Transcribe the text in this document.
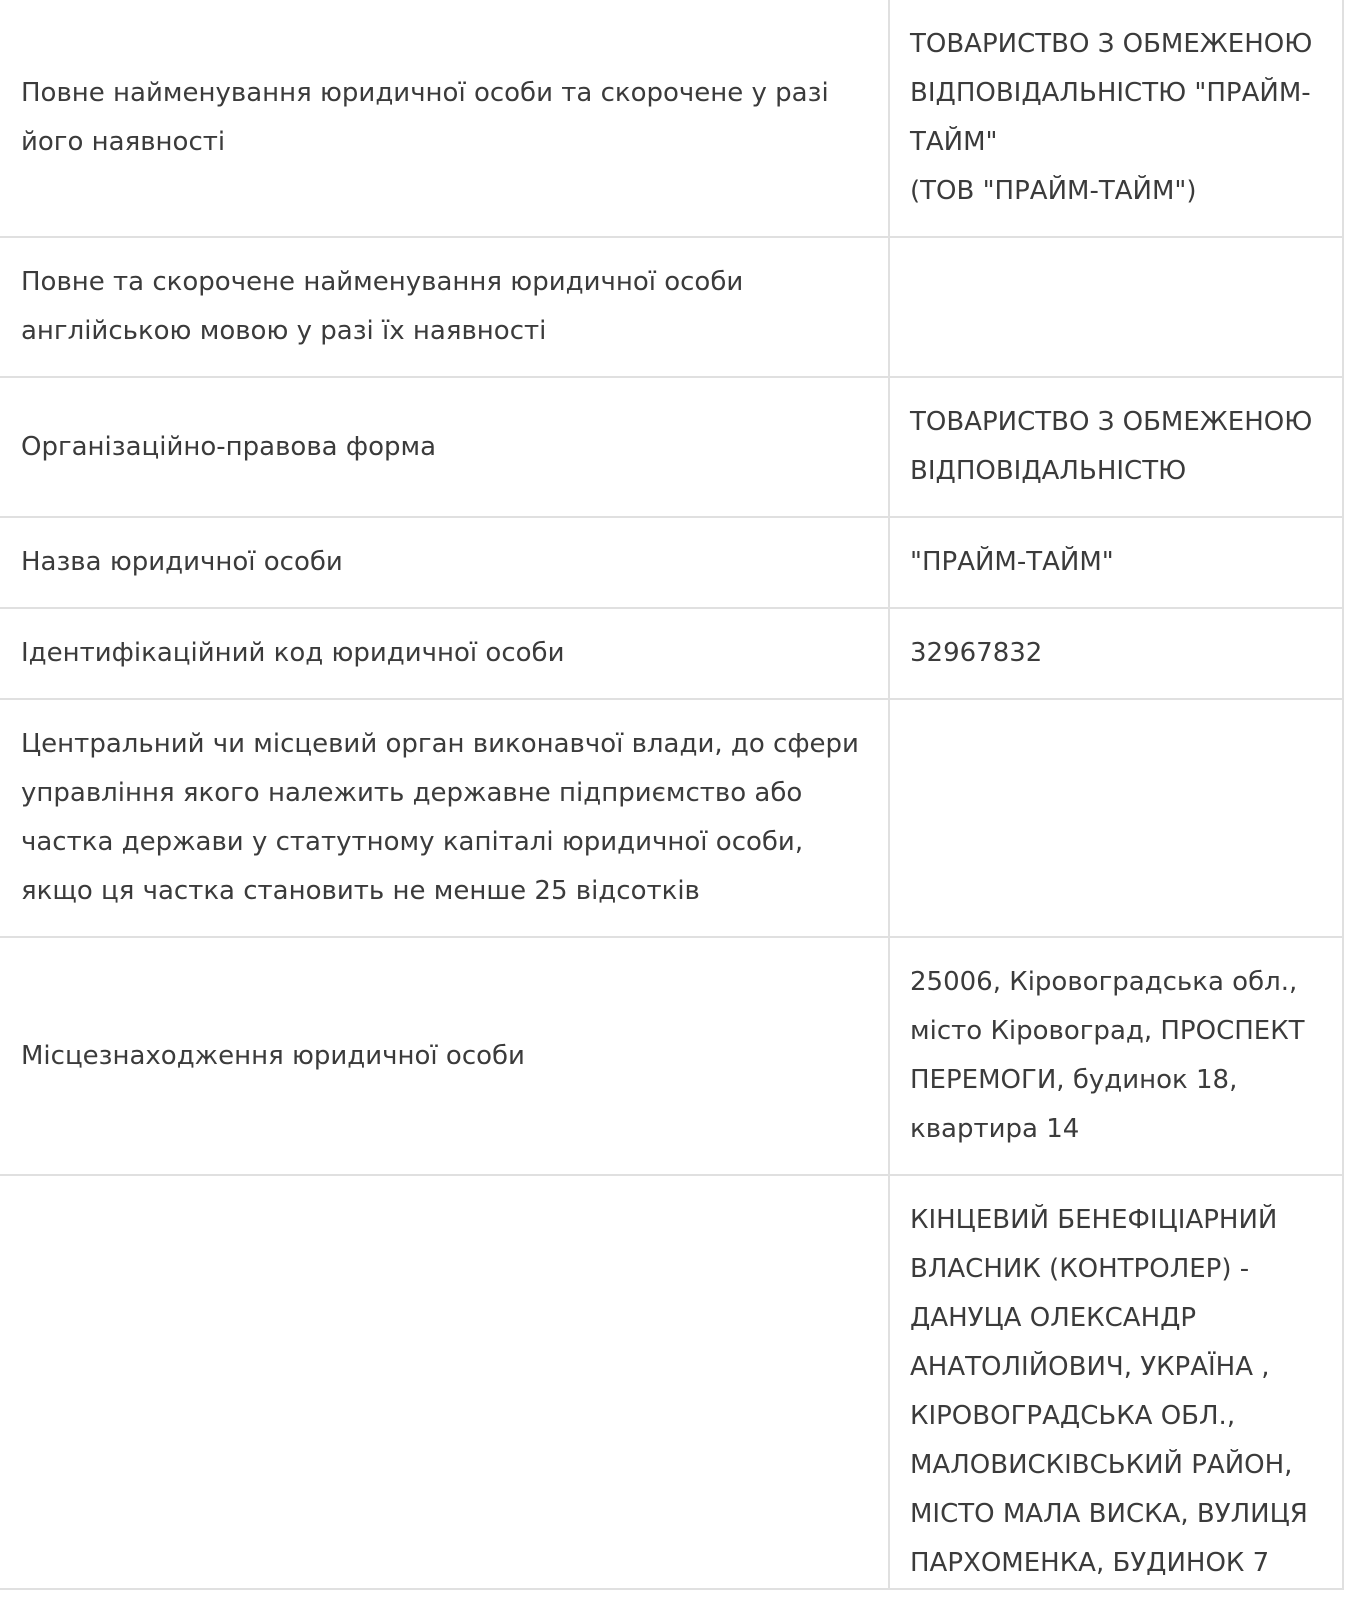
Повне найменування юридичної особи та скорочене у разі його наявності	ТОВАРИСТВО З ОБМЕЖЕНОЮ ВІДПОВІДАЛЬНІСТЮ "ПРАЙМ-ТАЙМ"
(ТОВ "ПРАЙМ-ТАЙМ")
Повне та скорочене найменування юридичної особи англійською мовою у разі їх наявності	
Організаційно-правова форма	ТОВАРИСТВО З ОБМЕЖЕНОЮ ВІДПОВІДАЛЬНІСТЮ
Назва юридичної особи	"ПРАЙМ-ТАЙМ"
Ідентифікаційний код юридичної особи	32967832
Центральний чи місцевий орган виконавчої влади, до сфери управління якого належить державне підприємство або частка держави у статутному капіталі юридичної особи, якщо ця частка становить не менше 25 відсотків	
Місцезнаходження юридичної особи	25006, Кіровоградська обл., місто Кіровоград, ПРОСПЕКТ ПЕРЕМОГИ, будинок 18, квартира 14
	КІНЦЕВИЙ БЕНЕФІЦІАРНИЙ ВЛАСНИК (КОНТРОЛЕР) - ДАНУЦА ОЛЕКСАНДР АНАТОЛІЙОВИЧ, УКРАЇНА , КІРОВОГРАДСЬКА ОБЛ., МАЛОВИСКІВСЬКИЙ РАЙОН, МІСТО МАЛА ВИСКА, ВУЛИЦЯ ПАРХОМЕНКА, БУДИНОК 7
